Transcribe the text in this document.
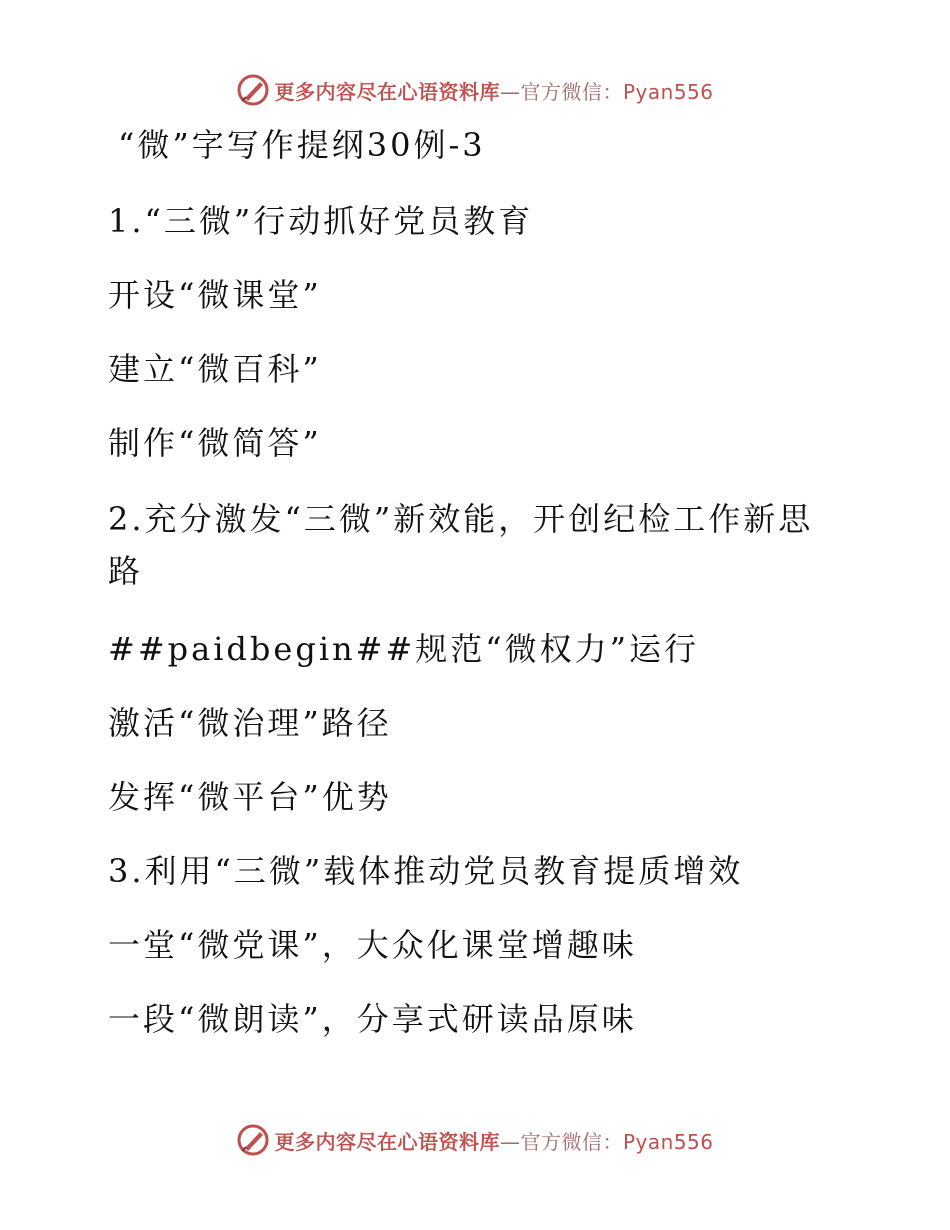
更多内容尽在心语资料库—官方微信：Pyan556
“微”字写作提纲30例-3
1.“三微”行动抓好党员教育
开设“微课堂”
建立“微百科”
制作“微简答”
2.充分激发“三微”新效能，开创纪检工作新思路
##paidbegin##规范“微权力”运行
激活“微治理”路径
发挥“微平台”优势
3.利用“三微”载体推动党员教育提质增效
一堂“微党课”，大众化课堂增趣味
一段“微朗读”，分享式研读品原味
更多内容尽在心语资料库—官方微信：Pyan556
